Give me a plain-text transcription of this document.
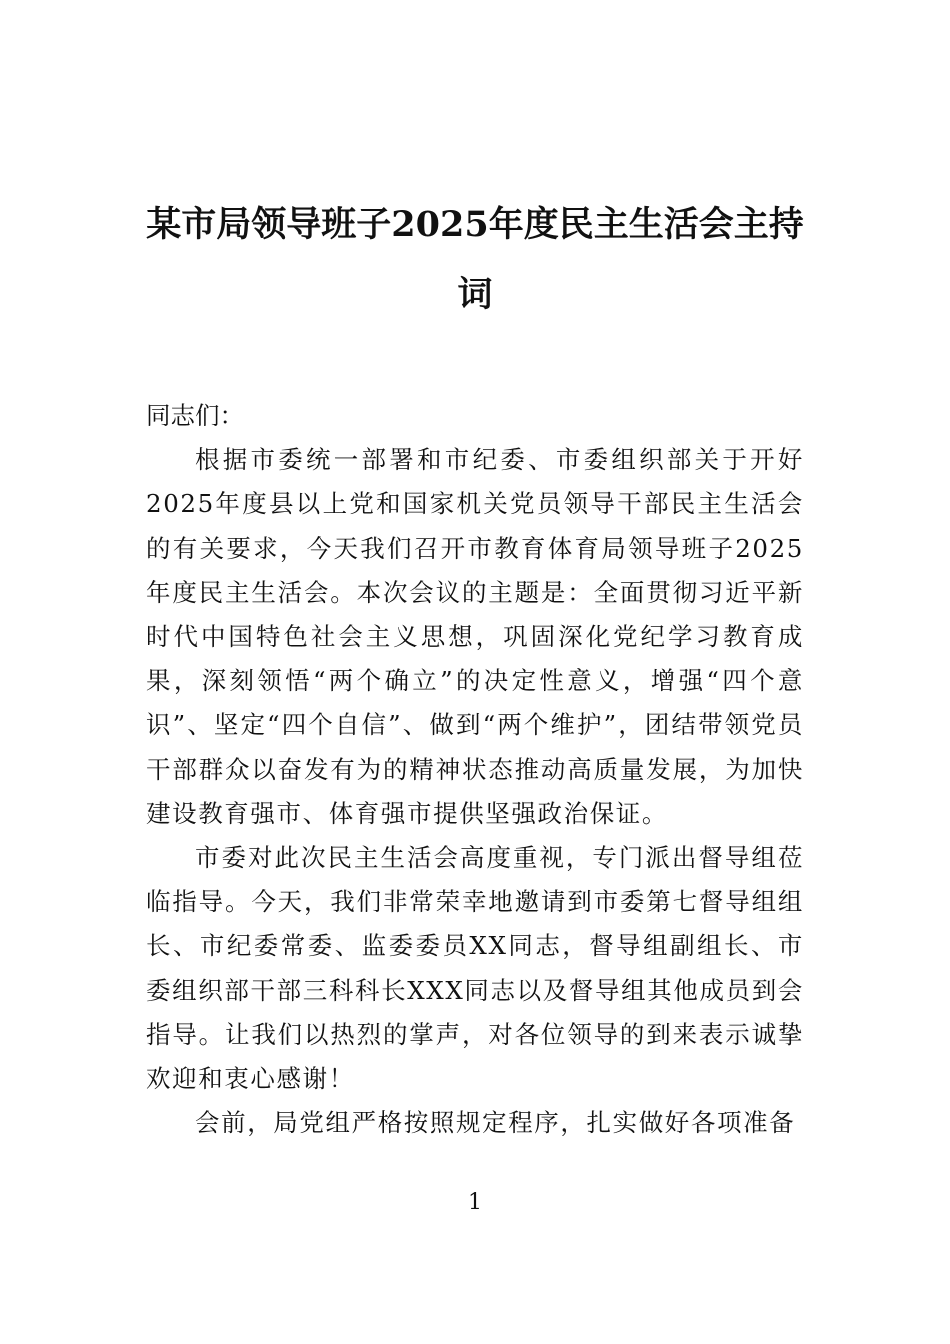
某市局领导班子2025年度民主生活会主持词

同志们：

根据市委统一部署和市纪委、市委组织部关于开好2025年度县以上党和国家机关党员领导干部民主生活会的有关要求，今天我们召开市教育体育局领导班子2025年度民主生活会。本次会议的主题是：全面贯彻习近平新时代中国特色社会主义思想，巩固深化党纪学习教育成果，深刻领悟“两个确立”的决定性意义，增强“四个意识”、坚定“四个自信”、做到“两个维护”，团结带领党员干部群众以奋发有为的精神状态推动高质量发展，为加快建设教育强市、体育强市提供坚强政治保证。

市委对此次民主生活会高度重视，专门派出督导组莅临指导。今天，我们非常荣幸地邀请到市委第七督导组组长、市纪委常委、监委委员XX同志，督导组副组长、市委组织部干部三科科长XXX同志以及督导组其他成员到会指导。让我们以热烈的掌声，对各位领导的到来表示诚挚欢迎和衷心感谢！

会前，局党组严格按照规定程序，扎实做好各项准备

1
